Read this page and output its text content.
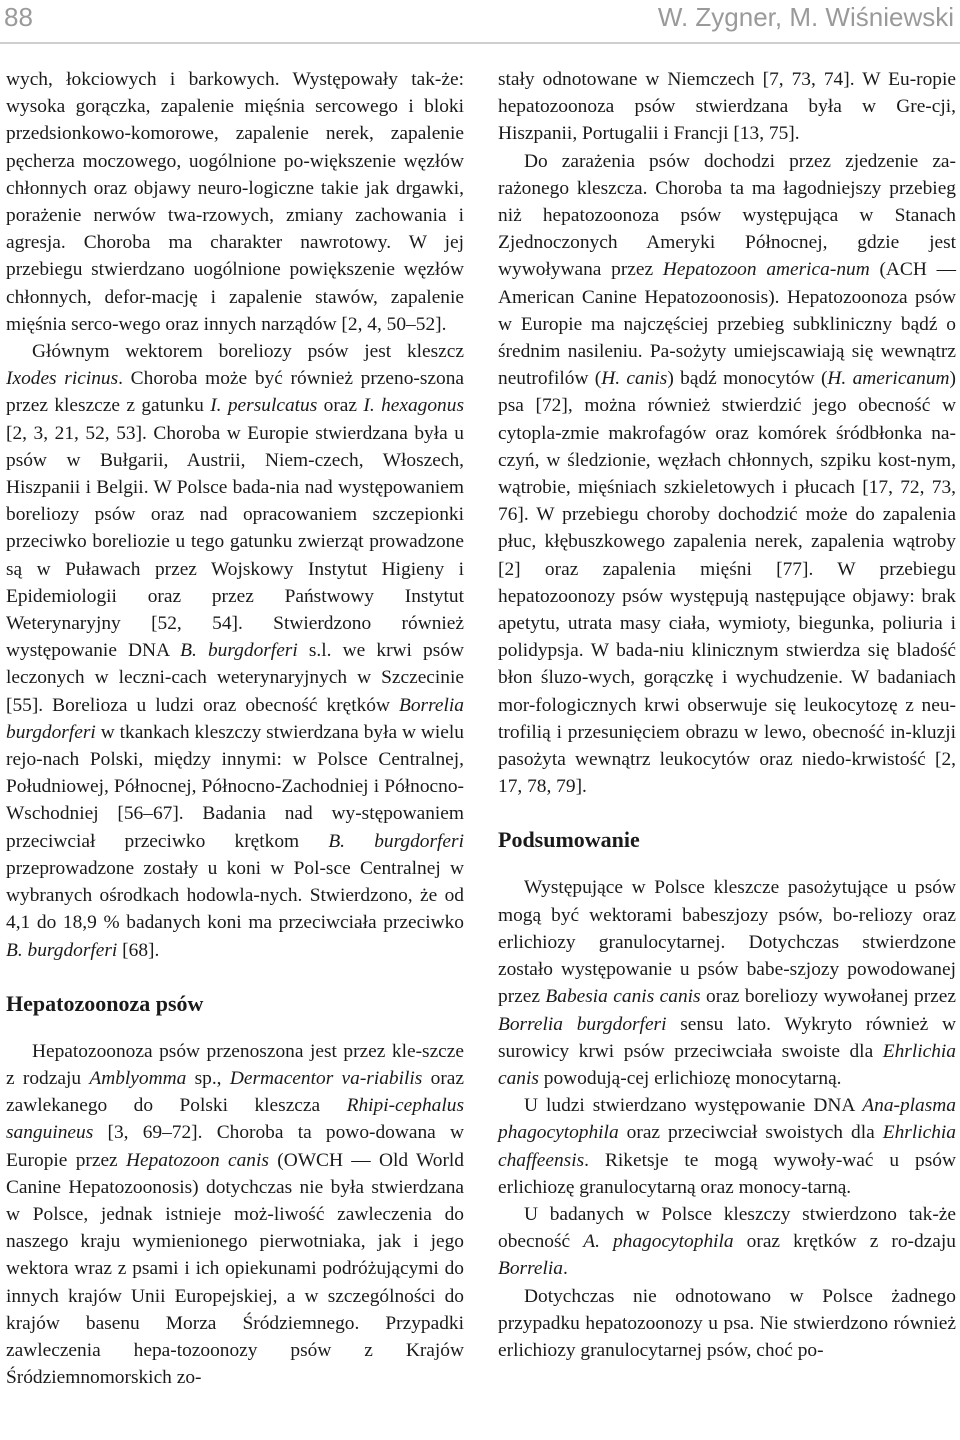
88	W. Zygner, M. Wiśniewski

wych, łokciowych i barkowych. Występowały tak-że: wysoka gorączka, zapalenie mięśnia sercowego i bloki przedsionkowo-komorowe, zapalenie nerek, zapalenie pęcherza moczowego, uogólnione po-większenie węzłów chłonnych oraz objawy neuro-logiczne takie jak drgawki, porażenie nerwów twa-rzowych, zmiany zachowania i agresja. Choroba ma charakter nawrotowy. W jej przebiegu stwierdzano uogólnione powiększenie węzłów chłonnych, defor-mację i zapalenie stawów, zapalenie mięśnia serco-wego oraz innych narządów [2, 4, 50–52].

Głównym wektorem boreliozy psów jest kleszcz Ixodes ricinus. Choroba może być również przeno-szona przez kleszcze z gatunku I. persulcatus oraz I. hexagonus [2, 3, 21, 52, 53]. Choroba w Europie stwierdzana była u psów w Bułgarii, Austrii, Niem-czech, Włoszech, Hiszpanii i Belgii. W Polsce bada-nia nad występowaniem boreliozy psów oraz nad opracowaniem szczepionki przeciwko boreliozie u tego gatunku zwierząt prowadzone są w Puławach przez Wojskowy Instytut Higieny i Epidemiologii oraz przez Państwowy Instytut Weterynaryjny [52, 54]. Stwierdzono również występowanie DNA B. burgdorferi s.l. we krwi psów leczonych w leczni-cach weterynaryjnych w Szczecinie [55]. Borelioza u ludzi oraz obecność krętków Borrelia burgdorferi w tkankach kleszczy stwierdzana była w wielu rejo-nach Polski, między innymi: w Polsce Centralnej, Południowej, Północnej, Północno-Zachodniej i Północno-Wschodniej [56–67]. Badania nad wy-stępowaniem przeciwciał przeciwko krętkom B. burgdorferi przeprowadzone zostały u koni w Pol-sce Centralnej w wybranych ośrodkach hodowla-nych. Stwierdzono, że od 4,1 do 18,9 % badanych koni ma przeciwciała przeciwko B. burgdorferi [68].

Hepatozoonoza psów

Hepatozoonoza psów przenoszona jest przez kle-szcze z rodzaju Amblyomma sp., Dermacentor va-riabilis oraz zawlekanego do Polski kleszcza Rhipi-cephalus sanguineus [3, 69–72]. Choroba ta powo-dowana w Europie przez Hepatozoon canis (OWCH — Old World Canine Hepatozoonosis) dotychczas nie była stwierdzana w Polsce, jednak istnieje moż-liwość zawleczenia do naszego kraju wymienionego pierwotniaka, jak i jego wektora wraz z psami i ich opiekunami podróżującymi do innych krajów Unii Europejskiej, a w szczególności do krajów basenu Morza Śródziemnego. Przypadki zawleczenia hepa-tozoonozy psów z Krajów Śródziemnomorskich zo-

stały odnotowane w Niemczech [7, 73, 74]. W Eu-ropie hepatozoonoza psów stwierdzana była w Gre-cji, Hiszpanii, Portugalii i Francji [13, 75].

Do zarażenia psów dochodzi przez zjedzenie za-rażonego kleszcza. Choroba ta ma łagodniejszy przebieg niż hepatozoonoza psów występująca w Stanach Zjednoczonych Ameryki Północnej, gdzie jest wywoływana przez Hepatozoon america-num (ACH — American Canine Hepatozoonosis). Hepatozoonoza psów w Europie ma najczęściej przebieg subkliniczny bądź o średnim nasileniu. Pa-sożyty umiejscawiają się wewnątrz neutrofilów (H. canis) bądź monocytów (H. americanum) psa [72], można również stwierdzić jego obecność w cytopla-zmie makrofagów oraz komórek śródbłonka na-czyń, w śledzionie, węzłach chłonnych, szpiku kost-nym, wątrobie, mięśniach szkieletowych i płucach [17, 72, 73, 76]. W przebiegu choroby dochodzić może do zapalenia płuc, kłębuszkowego zapalenia nerek, zapalenia wątroby [2] oraz zapalenia mięśni [77]. W przebiegu hepatozoonozy psów występują następujące objawy: brak apetytu, utrata masy ciała, wymioty, biegunka, poliuria i polidypsja. W bada-niu klinicznym stwierdza się bladość błon śluzo-wych, gorączkę i wychudzenie. W badaniach mor-fologicznych krwi obserwuje się leukocytozę z neu-trofilią i przesunięciem obrazu w lewo, obecność in-kluzji pasożyta wewnątrz leukocytów oraz niedo-krwistość [2, 17, 78, 79].

Podsumowanie

Występujące w Polsce kleszcze pasożytujące u psów mogą być wektorami babeszjozy psów, bo-reliozy oraz erlichiozy granulocytarnej. Dotychczas stwierdzone zostało występowanie u psów babe-szjozy powodowanej przez Babesia canis canis oraz boreliozy wywołanej przez Borrelia burgdorferi sensu lato. Wykryto również w surowicy krwi psów przeciwciała swoiste dla Ehrlichia canis powodują-cej erlichiozę monocytarną.

U ludzi stwierdzano występowanie DNA Ana-plasma phagocytophila oraz przeciwciał swoistych dla Ehrlichia chaffeensis. Riketsje te mogą wywoły-wać u psów erlichiozę granulocytarną oraz monocy-tarną.

U badanych w Polsce kleszczy stwierdzono tak-że obecność A. phagocytophila oraz krętków z ro-dzaju Borrelia.

Dotychczas nie odnotowano w Polsce żadnego przypadku hepatozoonozy u psa. Nie stwierdzono również erlichiozy granulocytarnej psów, choć po-
